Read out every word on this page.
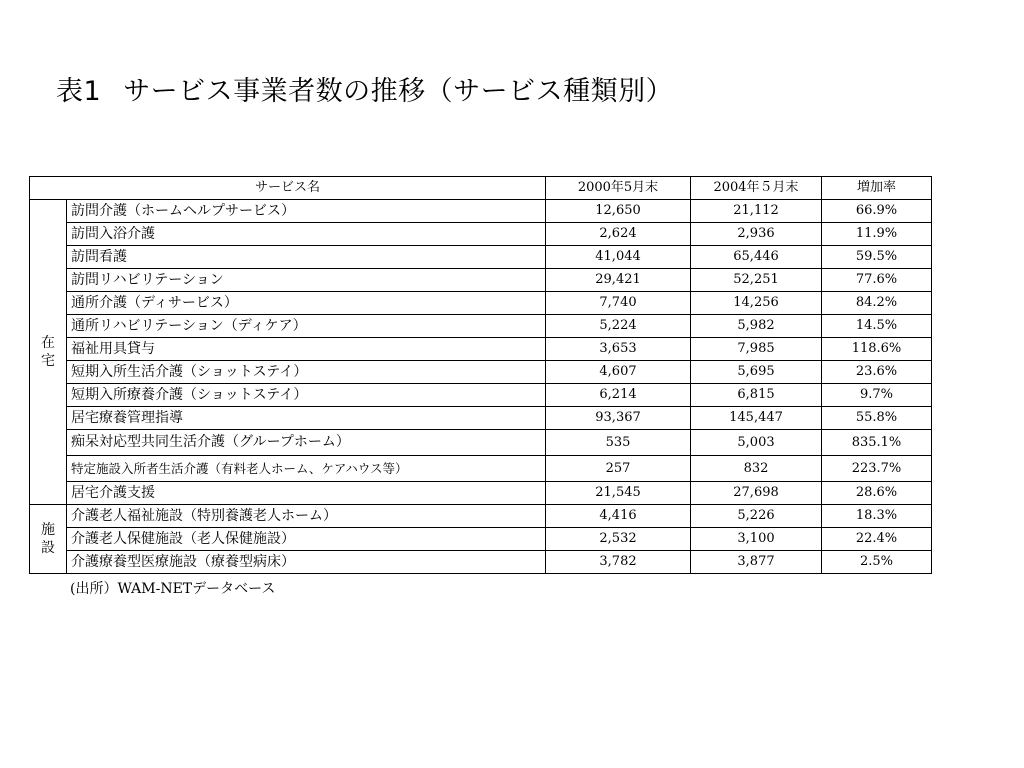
表1 サービス事業者数の推移（サービス種類別）
サービス名		2000年5月末	2004年５月末	増加率

在
宅	訪問介護（ホームヘルプサービス）	12,650	21,112	66.9%
	訪問入浴介護	2,624	2,936	11.9%
	訪問看護	41,044	65,446	59.5%
	訪問リハビリテーション	29,421	52,251	77.6%
	通所介護（ディサービス）	7,740	14,256	84.2%
	通所リハビリテーション（ディケア）	5,224	5,982	14.5%
	福祉用具貸与	3,653	7,985	118.6%
	短期入所生活介護（ショットステイ）	4,607	5,695	23.6%
	短期入所療養介護（ショットステイ）	6,214	6,815	9.7%
	居宅療養管理指導	93,367	145,447	55.8%
	痴呆対応型共同生活介護（グループホーム）	535	5,003	835.1%
	特定施設入所者生活介護（有料老人ホーム、ケアハウス等）	257	832	223.7%
	居宅介護支援	21,545	27,698	28.6%

施
設	介護老人福祉施設（特別養護老人ホーム）	4,416	5,226	18.3%
	介護老人保健施設（老人保健施設）	2,532	3,100	22.4%
	介護療養型医療施設（療養型病床）	3,782	3,877	2.5%
(出所）WAM-NETデータベース
